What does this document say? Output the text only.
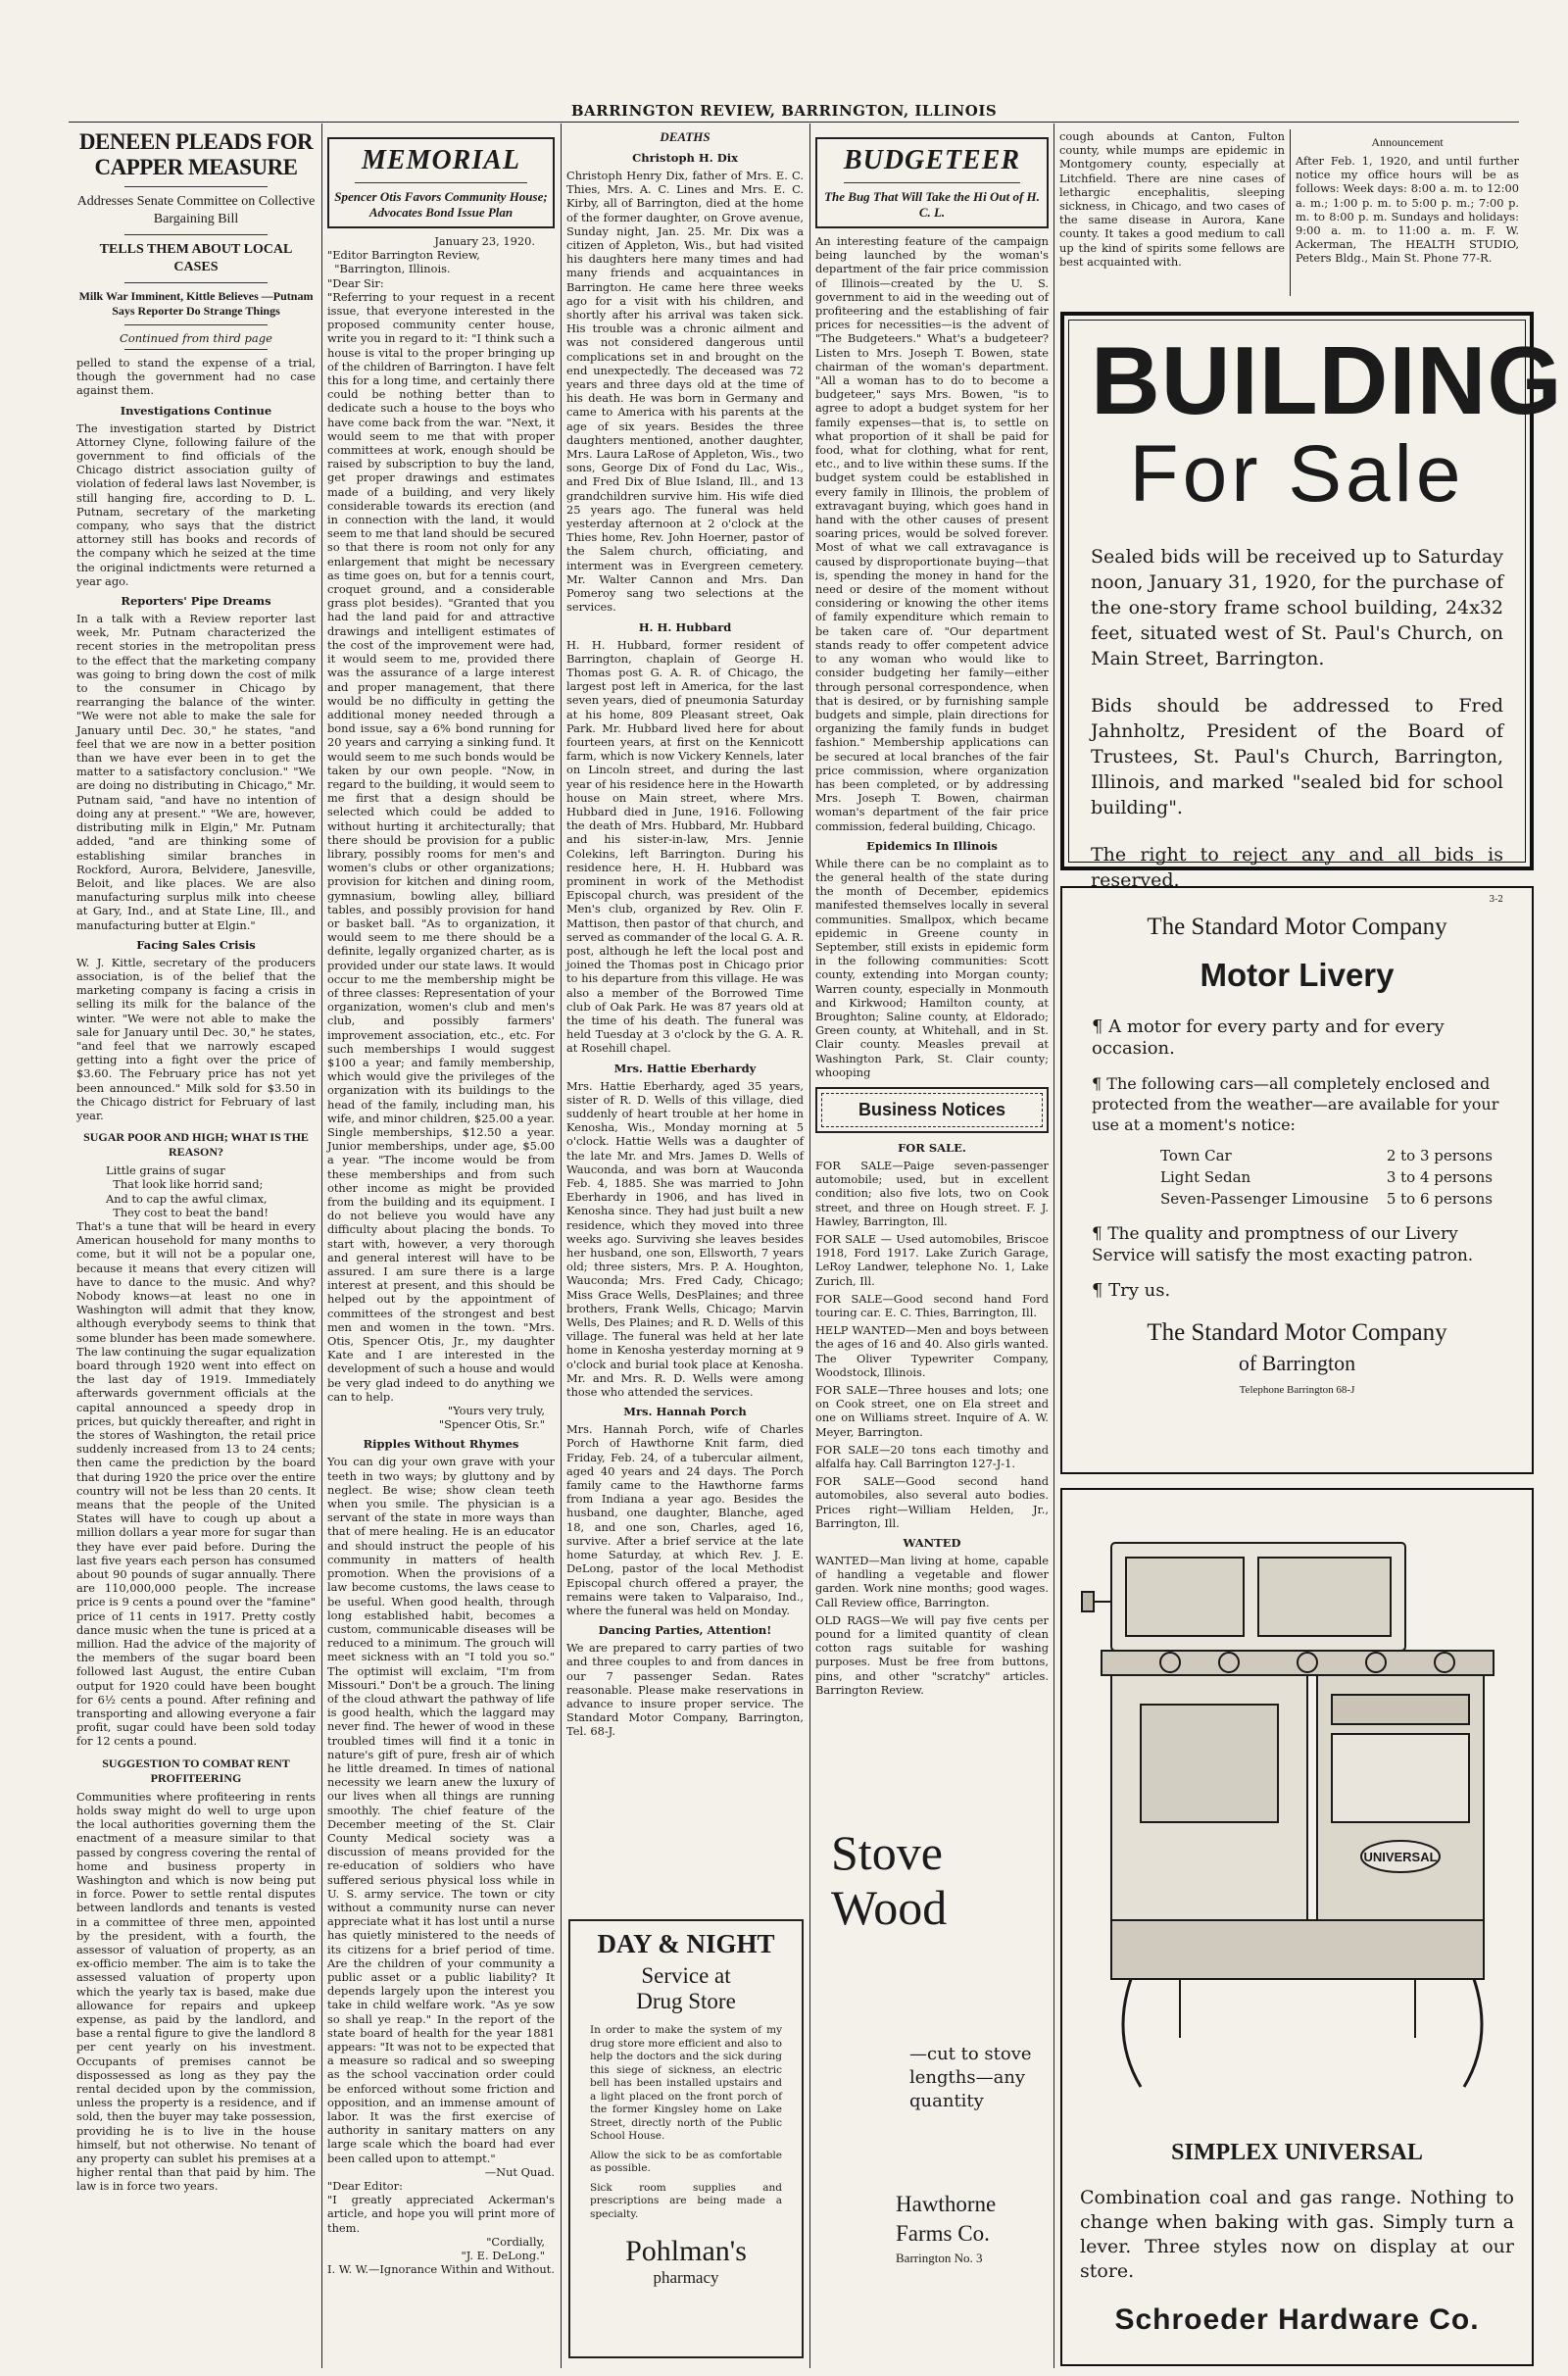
BARRINGTON REVIEW, BARRINGTON, ILLINOIS

DENEEN PLEADS FOR CAPPER MEASURE

Addresses Senate Committee on Collective Bargaining Bill

TELLS THEM ABOUT LOCAL CASES

Milk War Imminent, Kittle Believes —Putnam Says Reporter Do Strange Things

Continued from third page

pelled to stand the expense of a trial, though the government had no case against them.

Investigations Continue

The investigation started by District Attorney Clyne, following failure of the government to find officials of the Chicago district association guilty of violation of federal laws last November, is still hanging fire, according to D. L. Putnam, secretary of the marketing company, who says that the district attorney still has books and records of the company which he seized at the time the original indictments were returned a year ago.

Reporters' Pipe Dreams

In a talk with a Review reporter last week, Mr. Putnam characterized the recent stories in the metropolitan press to the effect that the marketing company was going to bring down the cost of milk to the consumer in Chicago by rearranging the balance of the winter. "We were not able to make the sale for January until Dec. 30," he states, "and feel that we are now in a better position than we have ever been in to get the matter to a satisfactory conclusion." "We are doing no distributing in Chicago," Mr. Putnam said, "and have no intention of doing any at present." "We are, however, distributing milk in Elgin," Mr. Putnam added, "and are thinking some of establishing similar branches in Rockford, Aurora, Belvidere, Janesville, Beloit, and like places. We are also manufacturing surplus milk into cheese at Gary, Ind., and at State Line, Ill., and manufacturing butter at Elgin."

Facing Sales Crisis

W. J. Kittle, secretary of the producers association, is of the belief that the marketing company is facing a crisis in selling its milk for the balance of the winter. "We were not able to make the sale for January until Dec. 30," he states, "and feel that we narrowly escaped getting into a fight over the price of $3.60. The February price has not yet been announced." Milk sold for $3.50 in the Chicago district for February of last year.

SUGAR POOR AND HIGH; WHAT IS THE REASON?

Little grains of sugar
That look like horrid sand;
And to cap the awful climax,
They cost to beat the band!

That's a tune that will be heard in every American household for many months to come, but it will not be a popular one, because it means that every citizen will have to dance to the music. And why? Nobody knows—at least no one in Washington will admit that they know, although everybody seems to think that some blunder has been made somewhere. The law continuing the sugar equalization board through 1920 went into effect on the last day of 1919. Immediately afterwards government officials at the capital announced a speedy drop in prices, but quickly thereafter, and right in the stores of Washington, the retail price suddenly increased from 13 to 24 cents; then came the prediction by the board that during 1920 the price over the entire country will not be less than 20 cents. It means that the people of the United States will have to cough up about a million dollars a year more for sugar than they have ever paid before. During the last five years each person has consumed about 90 pounds of sugar annually. There are 110,000,000 people. The increase price is 9 cents a pound over the "famine" price of 11 cents in 1917. Pretty costly dance music when the tune is priced at a million. Had the advice of the majority of the members of the sugar board been followed last August, the entire Cuban output for 1920 could have been bought for 6½ cents a pound. After refining and transporting and allowing everyone a fair profit, sugar could have been sold today for 12 cents a pound.

SUGGESTION TO COMBAT RENT PROFITEERING

Communities where profiteering in rents holds sway might do well to urge upon the local authorities governing them the enactment of a measure similar to that passed by congress covering the rental of home and business property in Washington and which is now being put in force. Power to settle rental disputes between landlords and tenants is vested in a committee of three men, appointed by the president, with a fourth, the assessor of valuation of property, as an ex-officio member. The aim is to take the assessed valuation of property upon which the yearly tax is based, make due allowance for repairs and upkeep expense, as paid by the landlord, and base a rental figure to give the landlord 8 per cent yearly on his investment. Occupants of premises cannot be dispossessed as long as they pay the rental decided upon by the commission, unless the property is a residence, and if sold, then the buyer may take possession, providing he is to live in the house himself, but not otherwise. No tenant of any property can sublet his premises at a higher rental than that paid by him. The law is in force two years.

MEMORIAL

Spencer Otis Favors Community House; Advocates Bond Issue Plan

January 23, 1920.

"Editor Barrington Review,
"Barrington, Illinois.
"Dear Sir:

"Referring to your request in a recent issue, that everyone interested in the proposed community center house, write you in regard to it: "I think such a house is vital to the proper bringing up of the children of Barrington. I have felt this for a long time, and certainly there could be nothing better than to dedicate such a house to the boys who have come back from the war. "Next, it would seem to me that with proper committees at work, enough should be raised by subscription to buy the land, get proper drawings and estimates made of a building, and very likely considerable towards its erection (and in connection with the land, it would seem to me that land should be secured so that there is room not only for any enlargement that might be necessary as time goes on, but for a tennis court, croquet ground, and a considerable grass plot besides). "Granted that you had the land paid for and attractive drawings and intelligent estimates of the cost of the improvement were had, it would seem to me, provided there was the assurance of a large interest and proper management, that there would be no difficulty in getting the additional money needed through a bond issue, say a 6% bond running for 20 years and carrying a sinking fund. It would seem to me such bonds would be taken by our own people. "Now, in regard to the building, it would seem to me first that a design should be selected which could be added to without hurting it architecturally; that there should be provision for a public library, possibly rooms for men's and women's clubs or other organizations; provision for kitchen and dining room, gymnasium, bowling alley, billiard tables, and possibly provision for hand or basket ball. "As to organization, it would seem to me there should be a definite, legally organized charter, as is provided under our state laws. It would occur to me the membership might be of three classes: Representation of your organization, women's club and men's club, and possibly farmers' improvement association, etc., etc. For such memberships I would suggest $100 a year; and family membership, which would give the privileges of the organization with its buildings to the head of the family, including man, his wife, and minor children, $25.00 a year. Single memberships, $12.50 a year. Junior memberships, under age, $5.00 a year. "The income would be from these memberships and from such other income as might be provided from the building and its equipment. I do not believe you would have any difficulty about placing the bonds. To start with, however, a very thorough and general interest will have to be assured. I am sure there is a large interest at present, and this should be helped out by the appointment of committees of the strongest and best men and women in the town. "Mrs. Otis, Spencer Otis, Jr., my daughter Kate and I are interested in the development of such a house and would be very glad indeed to do anything we can to help.

"Yours very truly,
"Spencer Otis, Sr."

Ripples Without Rhymes

You can dig your own grave with your teeth in two ways; by gluttony and by neglect. Be wise; show clean teeth when you smile. The physician is a servant of the state in more ways than that of mere healing. He is an educator and should instruct the people of his community in matters of health promotion. When the provisions of a law become customs, the laws cease to be useful. When good health, through long established habit, becomes a custom, communicable diseases will be reduced to a minimum. The grouch will meet sickness with an "I told you so." The optimist will exclaim, "I'm from Missouri." Don't be a grouch. The lining of the cloud athwart the pathway of life is good health, which the laggard may never find. The hewer of wood in these troubled times will find it a tonic in nature's gift of pure, fresh air of which he little dreamed. In times of national necessity we learn anew the luxury of our lives when all things are running smoothly. The chief feature of the December meeting of the St. Clair County Medical society was a discussion of means provided for the re-education of soldiers who have suffered serious physical loss while in U. S. army service. The town or city without a community nurse can never appreciate what it has lost until a nurse has quietly ministered to the needs of its citizens for a brief period of time. Are the children of your community a public asset or a public liability? It depends largely upon the interest you take in child welfare work. "As ye sow so shall ye reap." In the report of the state board of health for the year 1881 appears: "It was not to be expected that a measure so radical and so sweeping as the school vaccination order could be enforced without some friction and opposition, and an immense amount of labor. It was the first exercise of authority in sanitary matters on any large scale which the board had ever been called upon to attempt."

—Nut Quad.

"Dear Editor:
"I greatly appreciated Ackerman's article, and hope you will print more of them.

"Cordially,
"J. E. DeLong."

I. W. W.—Ignorance Within and Without.

DEATHS

Christoph H. Dix

Christoph Henry Dix, father of Mrs. E. C. Thies, Mrs. A. C. Lines and Mrs. E. C. Kirby, all of Barrington, died at the home of the former daughter, on Grove avenue, Sunday night, Jan. 25. Mr. Dix was a citizen of Appleton, Wis., but had visited his daughters here many times and had many friends and acquaintances in Barrington. He came here three weeks ago for a visit with his children, and shortly after his arrival was taken sick. His trouble was a chronic ailment and was not considered dangerous until complications set in and brought on the end unexpectedly. The deceased was 72 years and three days old at the time of his death. He was born in Germany and came to America with his parents at the age of six years. Besides the three daughters mentioned, another daughter, Mrs. Laura LaRose of Appleton, Wis., two sons, George Dix of Fond du Lac, Wis., and Fred Dix of Blue Island, Ill., and 13 grandchildren survive him. His wife died 25 years ago. The funeral was held yesterday afternoon at 2 o'clock at the Thies home, Rev. John Hoerner, pastor of the Salem church, officiating, and interment was in Evergreen cemetery. Mr. Walter Cannon and Mrs. Dan Pomeroy sang two selections at the services.

H. H. Hubbard

H. H. Hubbard, former resident of Barrington, chaplain of George H. Thomas post G. A. R. of Chicago, the largest post left in America, for the last seven years, died of pneumonia Saturday at his home, 809 Pleasant street, Oak Park. Mr. Hubbard lived here for about fourteen years, at first on the Kennicott farm, which is now Vickery Kennels, later on Lincoln street, and during the last year of his residence here in the Howarth house on Main street, where Mrs. Hubbard died in June, 1916. Following the death of Mrs. Hubbard, Mr. Hubbard and his sister-in-law, Mrs. Jennie Colekins, left Barrington. During his residence here, H. H. Hubbard was prominent in work of the Methodist Episcopal church, was president of the Men's club, organized by Rev. Olin F. Mattison, then pastor of that church, and served as commander of the local G. A. R. post, although he left the local post and joined the Thomas post in Chicago prior to his departure from this village. He was also a member of the Borrowed Time club of Oak Park. He was 87 years old at the time of his death. The funeral was held Tuesday at 3 o'clock by the G. A. R. at Rosehill chapel.

Mrs. Hattie Eberhardy

Mrs. Hattie Eberhardy, aged 35 years, sister of R. D. Wells of this village, died suddenly of heart trouble at her home in Kenosha, Wis., Monday morning at 5 o'clock. Hattie Wells was a daughter of the late Mr. and Mrs. James D. Wells of Wauconda, and was born at Wauconda Feb. 4, 1885. She was married to John Eberhardy in 1906, and has lived in Kenosha since. They had just built a new residence, which they moved into three weeks ago. Surviving she leaves besides her husband, one son, Ellsworth, 7 years old; three sisters, Mrs. P. A. Houghton, Wauconda; Mrs. Fred Cady, Chicago; Miss Grace Wells, DesPlaines; and three brothers, Frank Wells, Chicago; Marvin Wells, Des Plaines; and R. D. Wells of this village. The funeral was held at her late home in Kenosha yesterday morning at 9 o'clock and burial took place at Kenosha. Mr. and Mrs. R. D. Wells were among those who attended the services.

Mrs. Hannah Porch

Mrs. Hannah Porch, wife of Charles Porch of Hawthorne Knit farm, died Friday, Feb. 24, of a tubercular ailment, aged 40 years and 24 days. The Porch family came to the Hawthorne farms from Indiana a year ago. Besides the husband, one daughter, Blanche, aged 18, and one son, Charles, aged 16, survive. After a brief service at the late home Saturday, at which Rev. J. E. DeLong, pastor of the local Methodist Episcopal church offered a prayer, the remains were taken to Valparaiso, Ind., where the funeral was held on Monday.

Dancing Parties, Attention!

We are prepared to carry parties of two and three couples to and from dances in our 7 passenger Sedan. Rates reasonable. Please make reservations in advance to insure proper service. The Standard Motor Company, Barrington, Tel. 68-J.

DAY & NIGHT

Service at

Drug Store

In order to make the system of my drug store more efficient and also to help the doctors and the sick during this siege of sickness, an electric bell has been installed upstairs and a light placed on the front porch of the former Kingsley home on Lake Street, directly north of the Public School House.

Allow the sick to be as comfortable as possible.

Sick room supplies and prescriptions are being made a specialty.

Pohlman's

pharmacy

BUDGETEER

The Bug That Will Take the Hi Out of H. C. L.

An interesting feature of the campaign being launched by the woman's department of the fair price commission of Illinois—created by the U. S. government to aid in the weeding out of profiteering and the establishing of fair prices for necessities—is the advent of "The Budgeteers." What's a budgeteer? Listen to Mrs. Joseph T. Bowen, state chairman of the woman's department. "All a woman has to do to become a budgeteer," says Mrs. Bowen, "is to agree to adopt a budget system for her family expenses—that is, to settle on what proportion of it shall be paid for food, what for clothing, what for rent, etc., and to live within these sums. If the budget system could be established in every family in Illinois, the problem of extravagant buying, which goes hand in hand with the other causes of present soaring prices, would be solved forever. Most of what we call extravagance is caused by disproportionate buying—that is, spending the money in hand for the need or desire of the moment without considering or knowing the other items of family expenditure which remain to be taken care of. "Our department stands ready to offer competent advice to any woman who would like to consider budgeting her family—either through personal correspondence, when that is desired, or by furnishing sample budgets and simple, plain directions for organizing the family funds in budget fashion." Membership applications can be secured at local branches of the fair price commission, where organization has been completed, or by addressing Mrs. Joseph T. Bowen, chairman woman's department of the fair price commission, federal building, Chicago.

Epidemics In Illinois

While there can be no complaint as to the general health of the state during the month of December, epidemics manifested themselves locally in several communities. Smallpox, which became epidemic in Greene county in September, still exists in epidemic form in the following communities: Scott county, extending into Morgan county; Warren county, especially in Monmouth and Kirkwood; Hamilton county, at Broughton; Saline county, at Eldorado; Green county, at Whitehall, and in St. Clair county. Measles prevail at Washington Park, St. Clair county; whooping

Business Notices

FOR SALE.

FOR SALE—Paige seven-passenger automobile; used, but in excellent condition; also five lots, two on Cook street, and three on Hough street. F. J. Hawley, Barrington, Ill.

FOR SALE — Used automobiles, Briscoe 1918, Ford 1917. Lake Zurich Garage, LeRoy Landwer, telephone No. 1, Lake Zurich, Ill.

FOR SALE—Good second hand Ford touring car. E. C. Thies, Barrington, Ill.

HELP WANTED—Men and boys between the ages of 16 and 40. Also girls wanted. The Oliver Typewriter Company, Woodstock, Illinois.

FOR SALE—Three houses and lots; one on Cook street, one on Ela street and one on Williams street. Inquire of A. W. Meyer, Barrington.

FOR SALE—20 tons each timothy and alfalfa hay. Call Barrington 127-J-1.

FOR SALE—Good second hand automobiles, also several auto bodies. Prices right—William Helden, Jr., Barrington, Ill.

WANTED

WANTED—Man living at home, capable of handling a vegetable and flower garden. Work nine months; good wages. Call Review office, Barrington.

OLD RAGS—We will pay five cents per pound for a limited quantity of clean cotton rags suitable for washing purposes. Must be free from buttons, pins, and other "scratchy" articles. Barrington Review.

Stove

Wood

—cut to stove lengths—any quantity

Hawthorne

Farms Co.

Barrington No. 3

cough abounds at Canton, Fulton county, while mumps are epidemic in Montgomery county, especially at Litchfield. There are nine cases of lethargic encephalitis, sleeping sickness, in Chicago, and two cases of the same disease in Aurora, Kane county. It takes a good medium to call up the kind of spirits some fellows are best acquainted with.

Announcement

After Feb. 1, 1920, and until further notice my office hours will be as follows: Week days: 8:00 a. m. to 12:00 a. m.; 1:00 p. m. to 5:00 p. m.; 7:00 p. m. to 8:00 p. m. Sundays and holidays: 9:00 a. m. to 11:00 a. m. F. W. Ackerman, The HEALTH STUDIO, Peters Bldg., Main St. Phone 77-R.

BUILDING

For Sale

Sealed bids will be received up to Saturday noon, January 31, 1920, for the purchase of the one-story frame school building, 24x32 feet, situated west of St. Paul's Church, on Main Street, Barrington.

Bids should be addressed to Fred Jahnholtz, President of the Board of Trustees, St. Paul's Church, Barrington, Illinois, and marked "sealed bid for school building".

The right to reject any and all bids is reserved.

3-2

The Standard Motor Company

Motor Livery

¶ A motor for every party and for every occasion.

¶ The following cars—all completely enclosed and protected from the weather—are available for your use at a moment's notice:

Town Car	2 to 3 persons
Light Sedan	3 to 4 persons
Seven-Passenger Limousine	5 to 6 persons

¶ The quality and promptness of our Livery Service will satisfy the most exacting patron.

¶ Try us.

The Standard Motor Company

of Barrington

Telephone Barrington 68-J

UNIVERSAL

SIMPLEX UNIVERSAL

Combination coal and gas range. Nothing to change when baking with gas. Simply turn a lever. Three styles now on display at our store.

Schroeder Hardware Co.
